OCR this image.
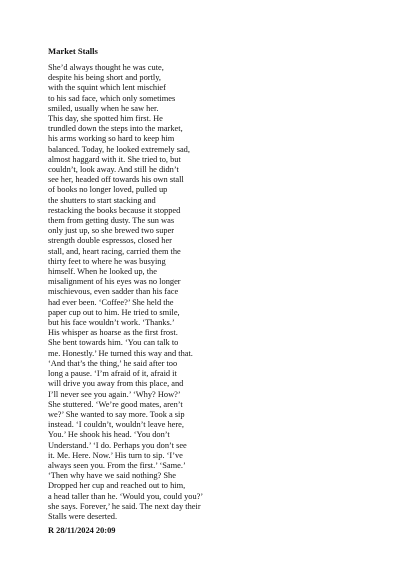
Market Stalls
She’d always thought he was cute,
despite his being short and portly,
with the squint which lent mischief
to his sad face, which only sometimes
smiled, usually when he saw her.
This day, she spotted him first. He
trundled down the steps into the market,
his arms working so hard to keep him
balanced. Today, he looked extremely sad,
almost haggard with it. She tried to, but
couldn’t, look away. And still he didn’t
see her, headed off towards his own stall
of books no longer loved, pulled up
the shutters to start stacking and
restacking the books because it stopped
them from getting dusty. The sun was
only just up, so she brewed two super
strength double espressos, closed her
stall, and, heart racing, carried them the
thirty feet to where he was busying
himself. When he looked up, the
misalignment of his eyes was no longer
mischievous, even sadder than his face
had ever been. ‘Coffee?’ She held the
paper cup out to him. He tried to smile,
but his face wouldn’t work. ‘Thanks.’
His whisper as hoarse as the first frost.
She bent towards him. ‘You can talk to
me. Honestly.’ He turned this way and that.
‘And that’s the thing,’ he said after too
long a pause. ‘I’m afraid of it, afraid it
will drive you away from this place, and
I’ll never see you again.’ ‘Why? How?’
She stuttered. ‘We’re good mates, aren’t
we?’ She wanted to say more. Took a sip
instead. ‘I couldn’t, wouldn’t leave here,
You.’ He shook his head. ‘You don’t
Understand.’ ‘I do. Perhaps you don’t see
it. Me. Here. Now.’ His turn to sip. ‘I’ve
always seen you. From the first.’ ‘Same.’
‘Then why have we said nothing? She
Dropped her cup and reached out to him,
a head taller than he. ‘Would you, could you?’
she says. Forever,’ he said. The next day their
Stalls were deserted.
R 28/11/2024 20:09
